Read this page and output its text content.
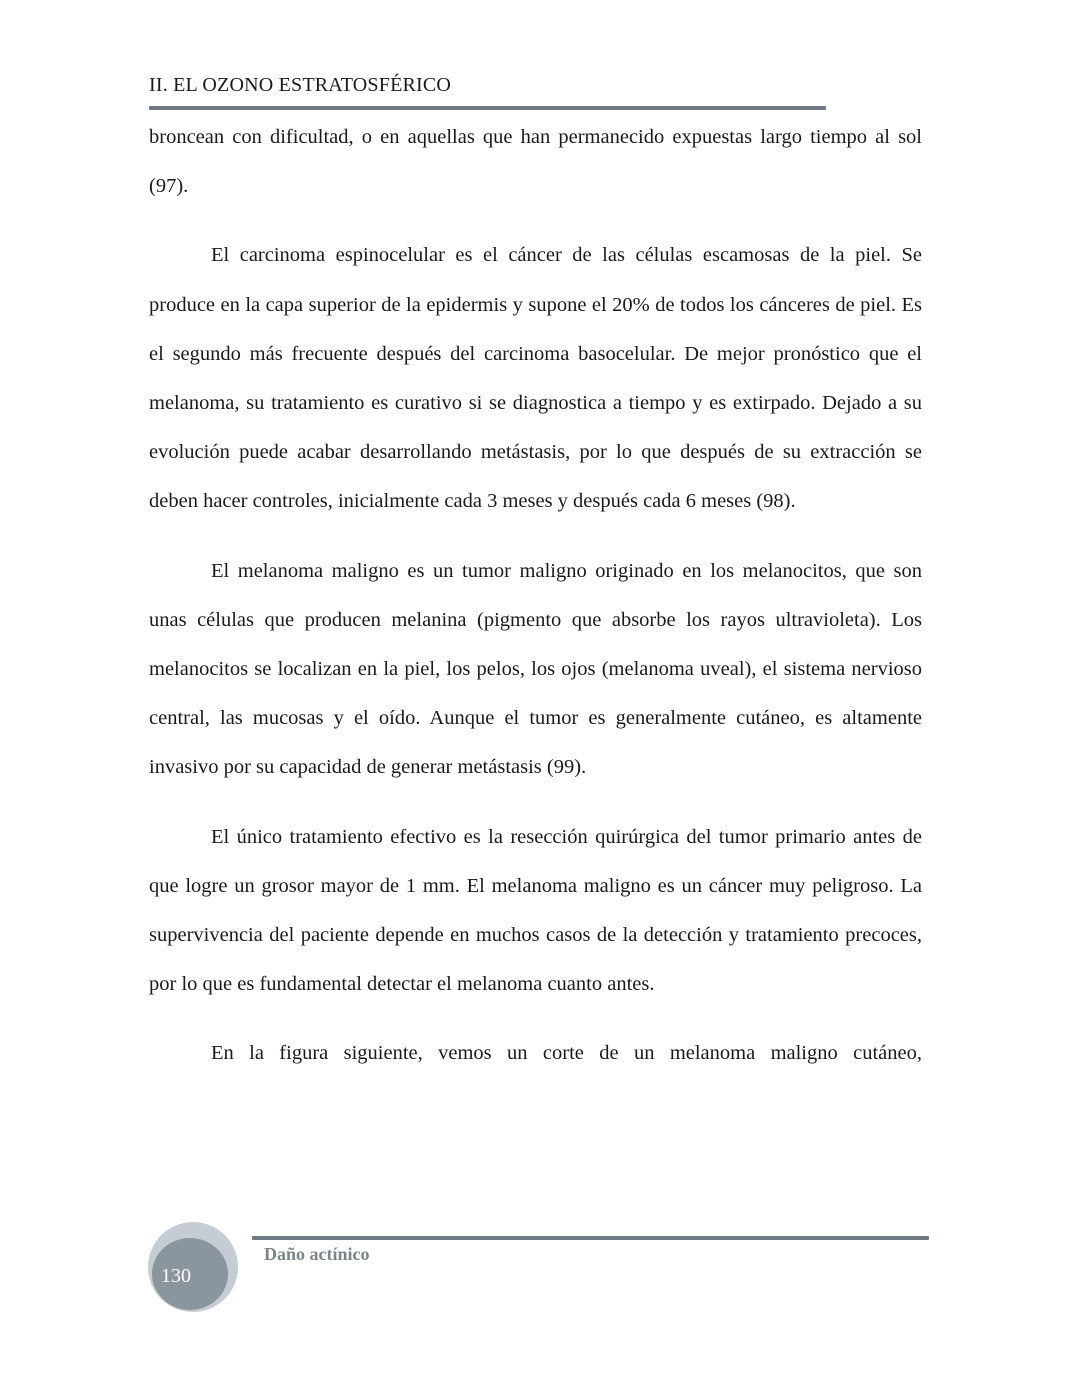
II. EL OZONO ESTRATOSFÉRICO

broncean con dificultad, o en aquellas que han permanecido expuestas largo tiempo al sol (97).

El carcinoma espinocelular es el cáncer de las células escamosas de la piel. Se produce en la capa superior de la epidermis y supone el 20% de todos los cánceres de piel. Es el segundo más frecuente después del carcinoma basocelular. De mejor pronóstico que el melanoma, su tratamiento es curativo si se diagnostica a tiempo y es extirpado. Dejado a su evolución puede acabar desarrollando metástasis, por lo que después de su extracción se deben hacer controles, inicialmente cada 3 meses y después cada 6 meses (98).

El melanoma maligno es un tumor maligno originado en los melanocitos, que son unas células que producen melanina (pigmento que absorbe los rayos ultravioleta). Los melanocitos se localizan en la piel, los pelos, los ojos (melanoma uveal), el sistema nervioso central, las mucosas y el oído. Aunque el tumor es generalmente cutáneo, es altamente invasivo por su capacidad de generar metástasis (99).

El único tratamiento efectivo es la resección quirúrgica del tumor primario antes de que logre un grosor mayor de 1 mm. El melanoma maligno es un cáncer muy peligroso. La supervivencia del paciente depende en muchos casos de la detección y tratamiento precoces, por lo que es fundamental detectar el melanoma cuanto antes.

En la figura siguiente, vemos un corte de un melanoma maligno cutáneo,

130
Daño actínico
